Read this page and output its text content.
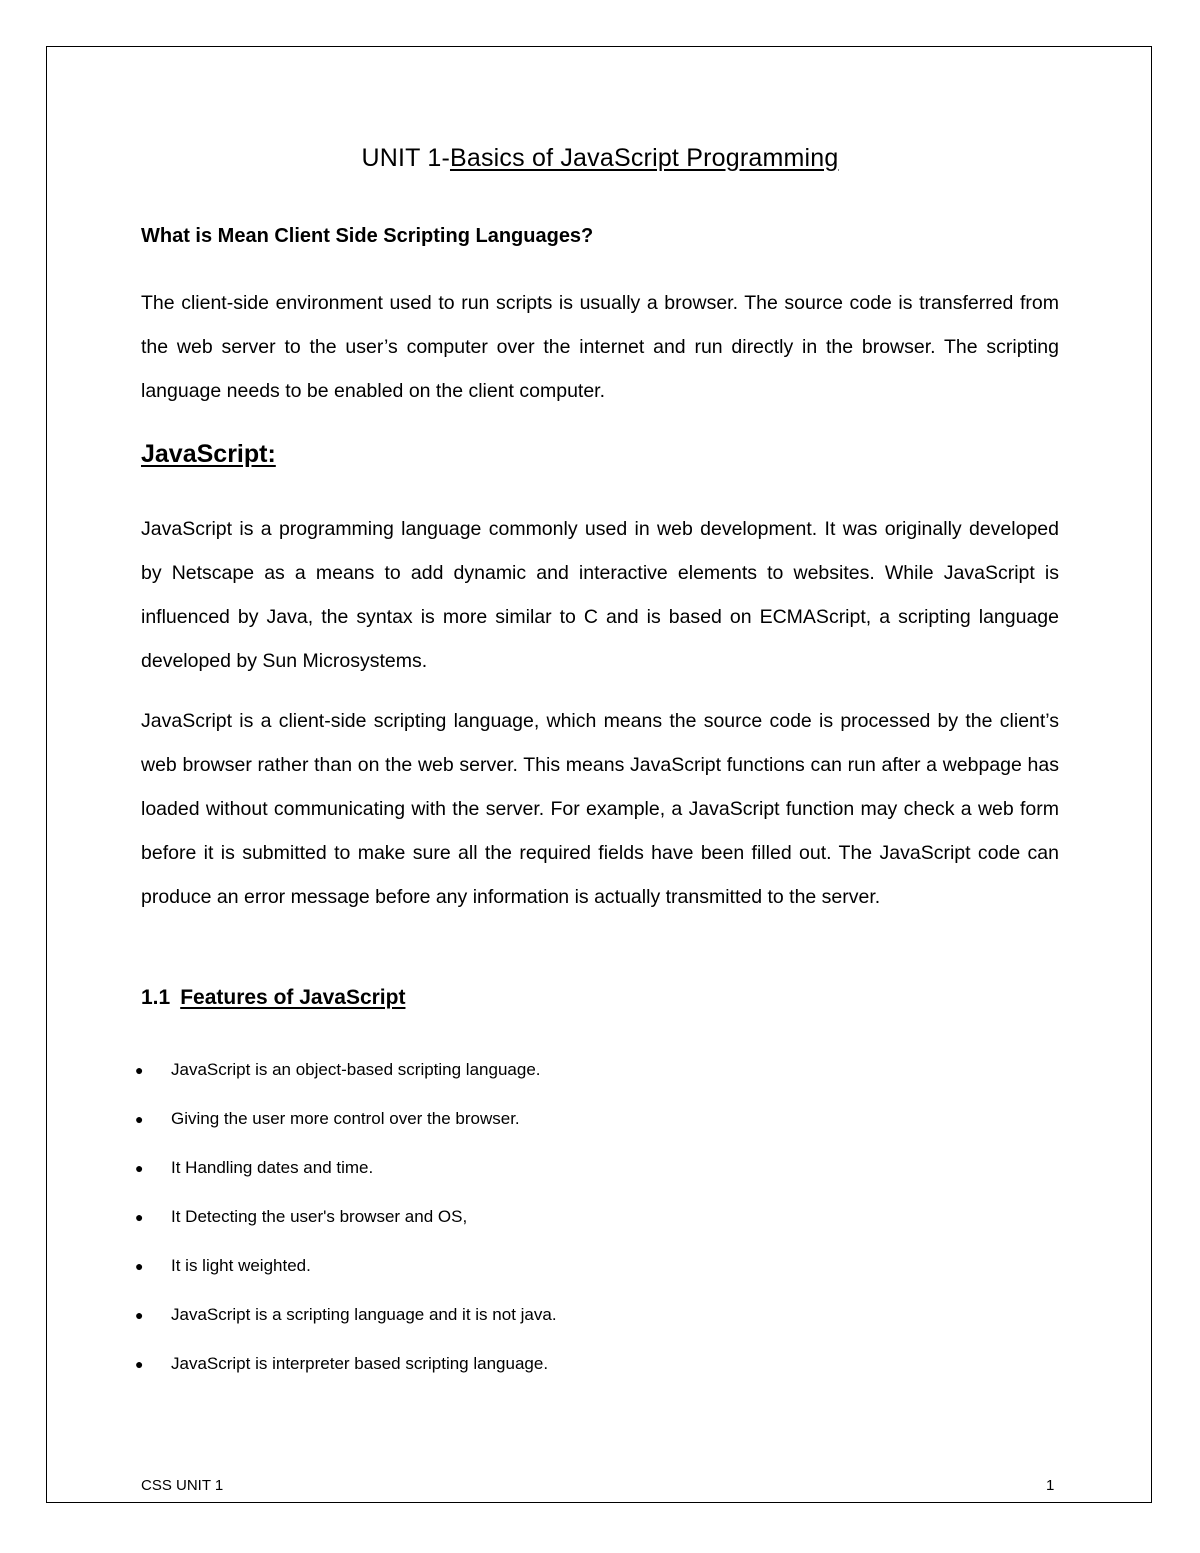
UNIT 1-Basics of JavaScript Programming
What is Mean Client Side Scripting Languages?
The client-side environment used to run scripts is usually a browser. The source code is transferred from the web server to the user’s computer over the internet and run directly in the browser. The scripting language needs to be enabled on the client computer.
JavaScript:
JavaScript is a programming language commonly used in web development. It was originally developed by Netscape as a means to add dynamic and interactive elements to websites. While JavaScript is influenced by Java, the syntax is more similar to C and is based on ECMAScript, a scripting language developed by Sun Microsystems.
JavaScript is a client-side scripting language, which means the source code is processed by the client’s web browser rather than on the web server. This means JavaScript functions can run after a webpage has loaded without communicating with the server. For example, a JavaScript function may check a web form before it is submitted to make sure all the required fields have been filled out. The JavaScript code can produce an error message before any information is actually transmitted to the server.
1.1 Features of JavaScript
● JavaScript is an object-based scripting language.
● Giving the user more control over the browser.
● It Handling dates and time.
● It Detecting the user's browser and OS,
● It is light weighted.
● JavaScript is a scripting language and it is not java.
● JavaScript is interpreter based scripting language.
CSS UNIT 1	1
